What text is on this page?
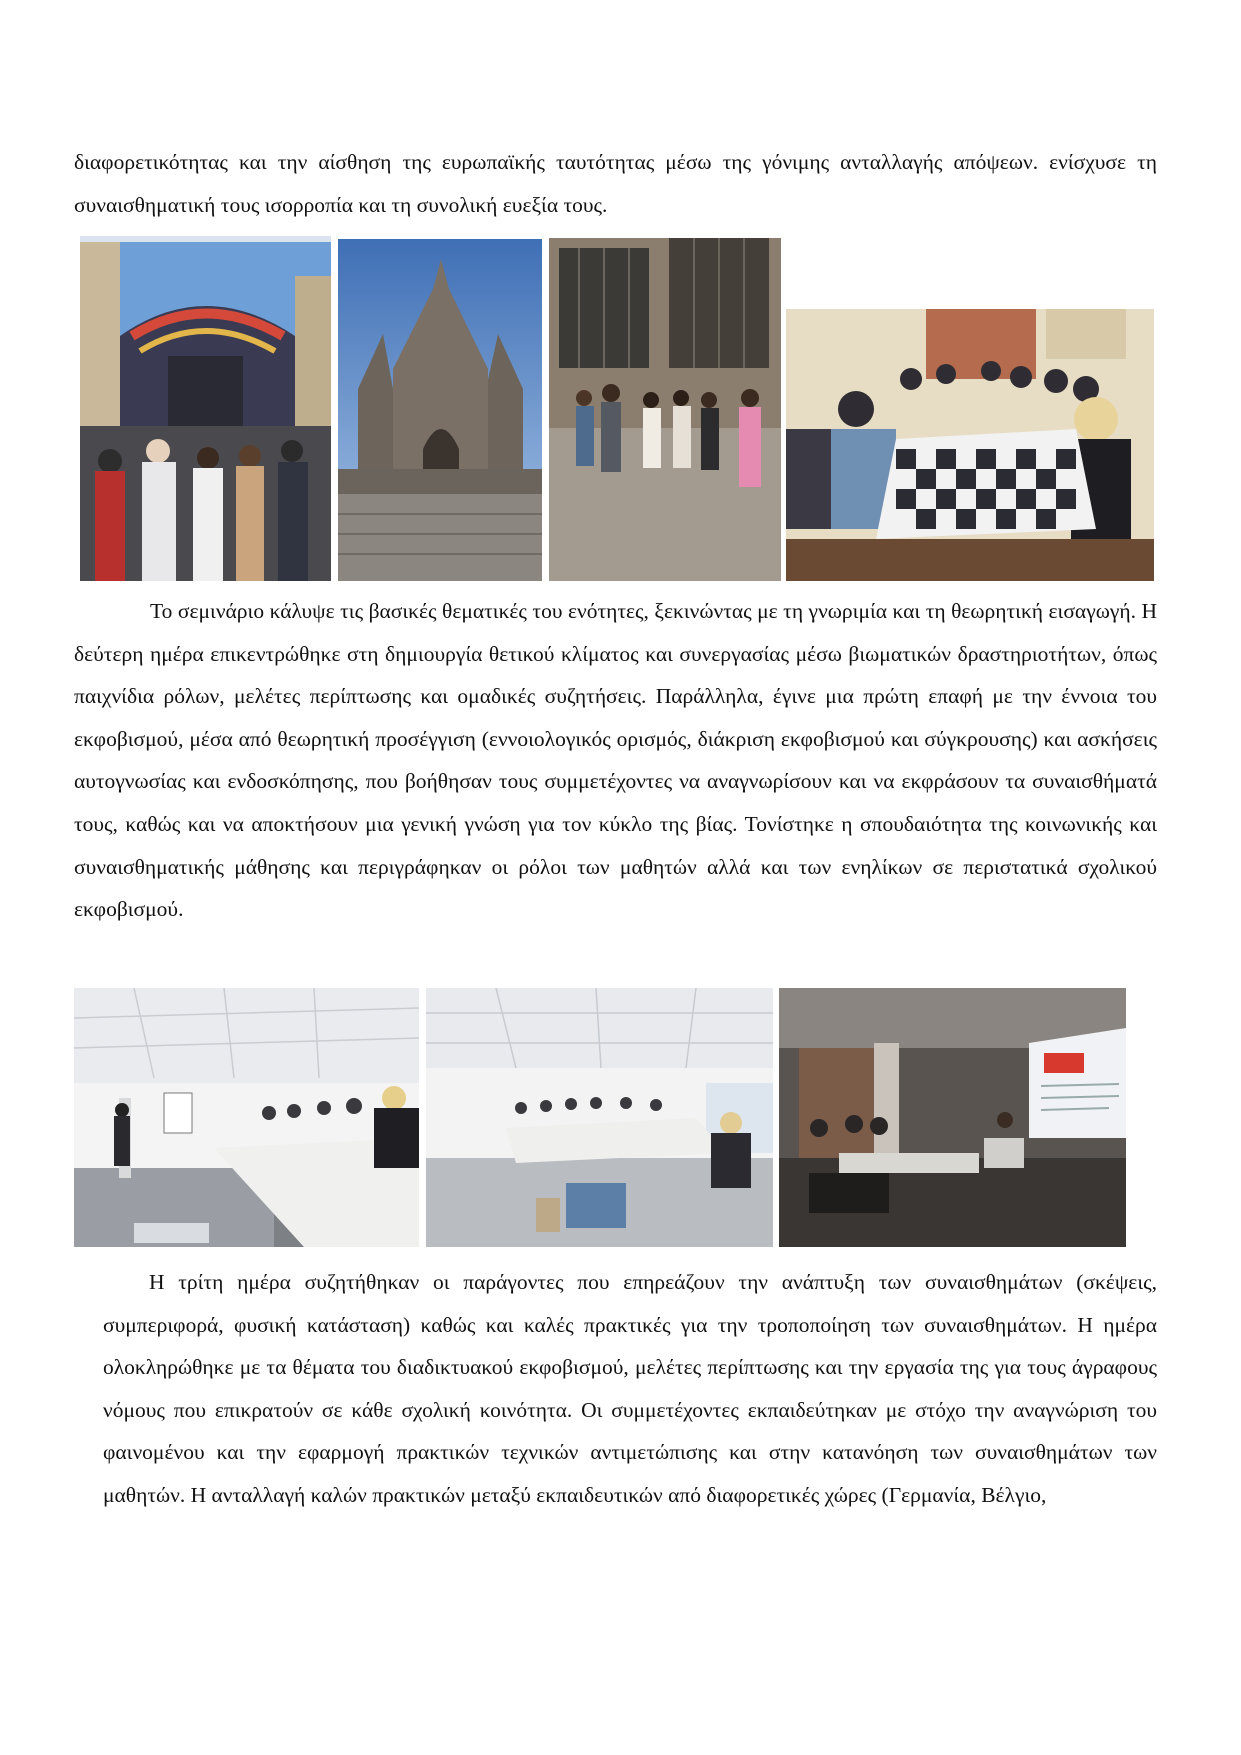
διαφορετικότητας και την αίσθηση της ευρωπαϊκής ταυτότητας μέσω της γόνιμης ανταλλαγής απόψεων. ενίσχυσε τη συναισθηματική τους ισορροπία και τη συνολική ευεξία τους.

Το σεμινάριο κάλυψε τις βασικές θεματικές του ενότητες, ξεκινώντας με τη γνωριμία και τη θεωρητική εισαγωγή. Η δεύτερη ημέρα επικεντρώθηκε στη δημιουργία θετικού κλίματος και συνεργασίας μέσω βιωματικών δραστηριοτήτων, όπως παιχνίδια ρόλων, μελέτες περίπτωσης και ομαδικές συζητήσεις. Παράλληλα, έγινε μια πρώτη επαφή με την έννοια του εκφοβισμού, μέσα από θεωρητική προσέγγιση (εννοιολογικός ορισμός, διάκριση εκφοβισμού και σύγκρουσης) και ασκήσεις αυτογνωσίας και ενδοσκόπησης, που βοήθησαν τους συμμετέχοντες να αναγνωρίσουν και να εκφράσουν τα συναισθήματά τους, καθώς και να αποκτήσουν μια γενική γνώση για τον κύκλο της βίας. Τονίστηκε η σπουδαιότητα της κοινωνικής και συναισθηματικής μάθησης και περιγράφηκαν οι ρόλοι των μαθητών αλλά και των ενηλίκων σε περιστατικά σχολικού εκφοβισμού.

Η τρίτη ημέρα συζητήθηκαν οι παράγοντες που επηρεάζουν την ανάπτυξη των συναισθημάτων (σκέψεις, συμπεριφορά, φυσική κατάσταση) καθώς και καλές πρακτικές για την τροποποίηση των συναισθημάτων. Η ημέρα ολοκληρώθηκε με τα θέματα του διαδικτυακού εκφοβισμού, μελέτες περίπτωσης και την εργασία της για τους άγραφους νόμους που επικρατούν σε κάθε σχολική κοινότητα. Οι συμμετέχοντες εκπαιδεύτηκαν με στόχο την αναγνώριση του φαινομένου και την εφαρμογή πρακτικών τεχνικών αντιμετώπισης και στην κατανόηση των συναισθημάτων των μαθητών. Η ανταλλαγή καλών πρακτικών μεταξύ εκπαιδευτικών από διαφορετικές χώρες (Γερμανία, Βέλγιο,
